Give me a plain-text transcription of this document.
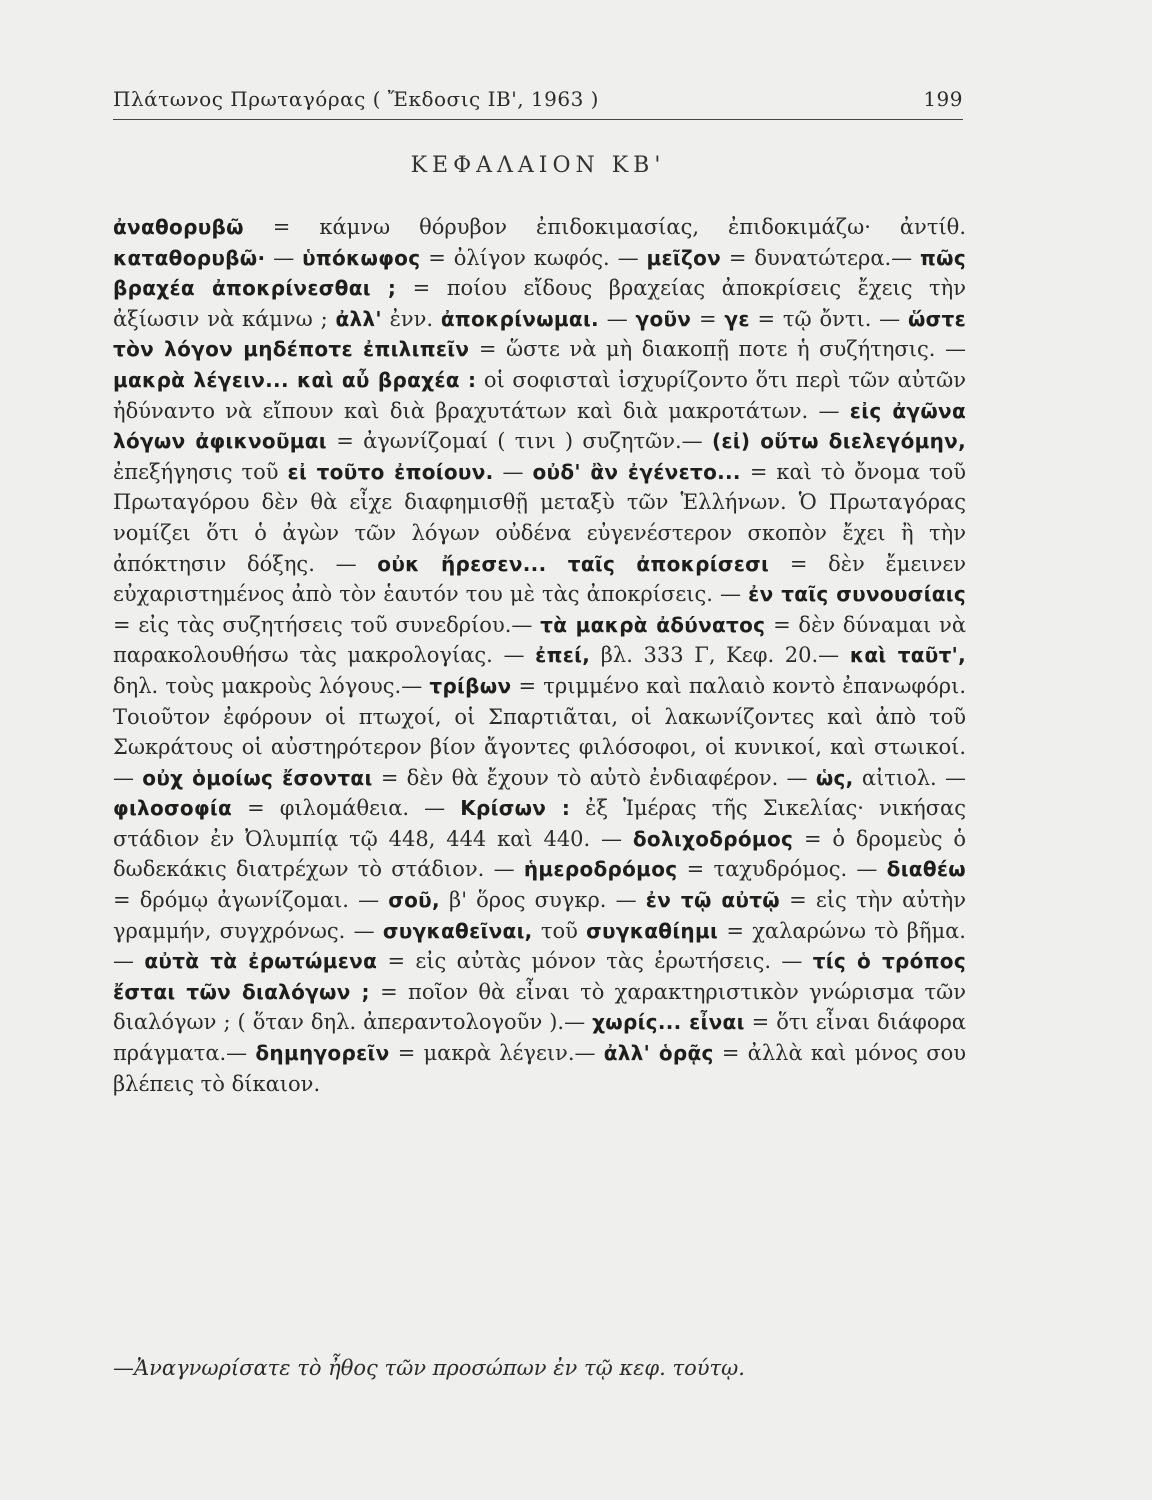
Πλάτωνος Πρωταγόρας ( Ἔκδοσις ΙΒ', 1963 )	199
ΚΕΦΑΛΑΙΟΝ ΚΒ'
ἀναθορυβῶ = κάμνω θόρυβον ἐπιδοκιμασίας, ἐπιδοκιμάζω· ἀντίθ. καταθορυβῶ· — ὑπόκωφος = ὀλίγον κωφός. — μεῖζον = δυνατώτερα.— πῶς βραχέα ἀποκρίνεσθαι ; = ποίου εἴδους βραχείας ἀποκρίσεις ἔχεις τὴν ἀξίωσιν νὰ κάμνω ; ἀλλ' ἐνν. ἀποκρίνωμαι. — γοῦν = γε = τῷ ὄντι. — ὥστε τὸν λόγον μηδέποτε ἐπιλιπεῖν = ὥστε νὰ μὴ διακοπῇ ποτε ἡ συζήτησις. — μακρὰ λέγειν... καὶ αὖ βραχέα : οἱ σοφισταὶ ἰσχυρίζοντο ὅτι περὶ τῶν αὐτῶν ἠδύναντο νὰ εἴπουν καὶ διὰ βραχυτάτων καὶ διὰ μακροτάτων. — εἰς ἀγῶνα λόγων ἀφικνοῦμαι = ἀγωνίζομαί ( τινι ) συζητῶν.— (εἰ) οὕτω διελεγόμην, ἐπεξήγησις τοῦ εἰ τοῦτο ἐποίουν. — οὐδ' ἂν ἐγένετο... = καὶ τὸ ὄνομα τοῦ Πρωταγόρου δὲν θὰ εἶχε διαφημισθῇ μεταξὺ τῶν Ἑλλήνων. Ὁ Πρωταγόρας νομίζει ὅτι ὁ ἀγὼν τῶν λόγων οὐδένα εὐγενέστερον σκοπὸν ἔχει ἢ τὴν ἀπόκτησιν δόξης. — οὐκ ἤρεσεν... ταῖς ἀποκρίσεσι = δὲν ἔμεινεν εὐχαριστημένος ἀπὸ τὸν ἑαυτόν του μὲ τὰς ἀποκρίσεις. — ἐν ταῖς συνουσίαις = εἰς τὰς συζητήσεις τοῦ συνεδρίου.— τὰ μακρὰ ἀδύνατος = δὲν δύναμαι νὰ παρακολουθήσω τὰς μακρολογίας. — ἐπεί, βλ. 333 Γ, Κεφ. 20.— καὶ ταῦτ', δηλ. τοὺς μακροὺς λόγους.— τρίβων = τριμμένο καὶ παλαιὸ κοντὸ ἐπανωφόρι. Τοιοῦτον ἐφόρουν οἱ πτωχοί, οἱ Σπαρτιᾶται, οἱ λακωνίζοντες καὶ ἀπὸ τοῦ Σωκράτους οἱ αὐστηρότερον βίον ἄγοντες φιλόσοφοι, οἱ κυνικοί, καὶ στωικοί. — οὐχ ὁμοίως ἔσονται = δὲν θὰ ἔχουν τὸ αὐτὸ ἐνδιαφέρον. — ὡς, αἰτιολ. — φιλοσοφία = φιλομάθεια. — Κρίσων : ἐξ Ἱμέρας τῆς Σικελίας· νικήσας στάδιον ἐν Ὀλυμπίᾳ τῷ 448, 444 καὶ 440. — δολιχοδρόμος = ὁ δρομεὺς ὁ δωδεκάκις διατρέχων τὸ στάδιον. — ἡμεροδρόμος = ταχυδρόμος. — διαθέω = δρόμῳ ἀγωνίζομαι. — σοῦ, β' ὅρος συγκρ. — ἐν τῷ αὐτῷ = εἰς τὴν αὐτὴν γραμμήν, συγχρόνως. — συγκαθεῖναι, τοῦ συγκαθίημι = χαλαρώνω τὸ βῆμα. — αὐτὰ τὰ ἐρωτώμενα = εἰς αὐτὰς μόνον τὰς ἐρωτήσεις. — τίς ὁ τρόπος ἔσται τῶν διαλόγων ; = ποῖον θὰ εἶναι τὸ χαρακτηριστικὸν γνώρισμα τῶν διαλόγων ; ( ὅταν δηλ. ἀπεραντολογοῦν ).— χωρίς... εἶναι = ὅτι εἶναι διάφορα πράγματα.— δημηγορεῖν = μακρὰ λέγειν.— ἀλλ' ὁρᾷς = ἀλλὰ καὶ μόνος σου βλέπεις τὸ δίκαιον.
—Ἀναγνωρίσατε τὸ ἦθος τῶν προσώπων ἐν τῷ κεφ. τούτῳ.
